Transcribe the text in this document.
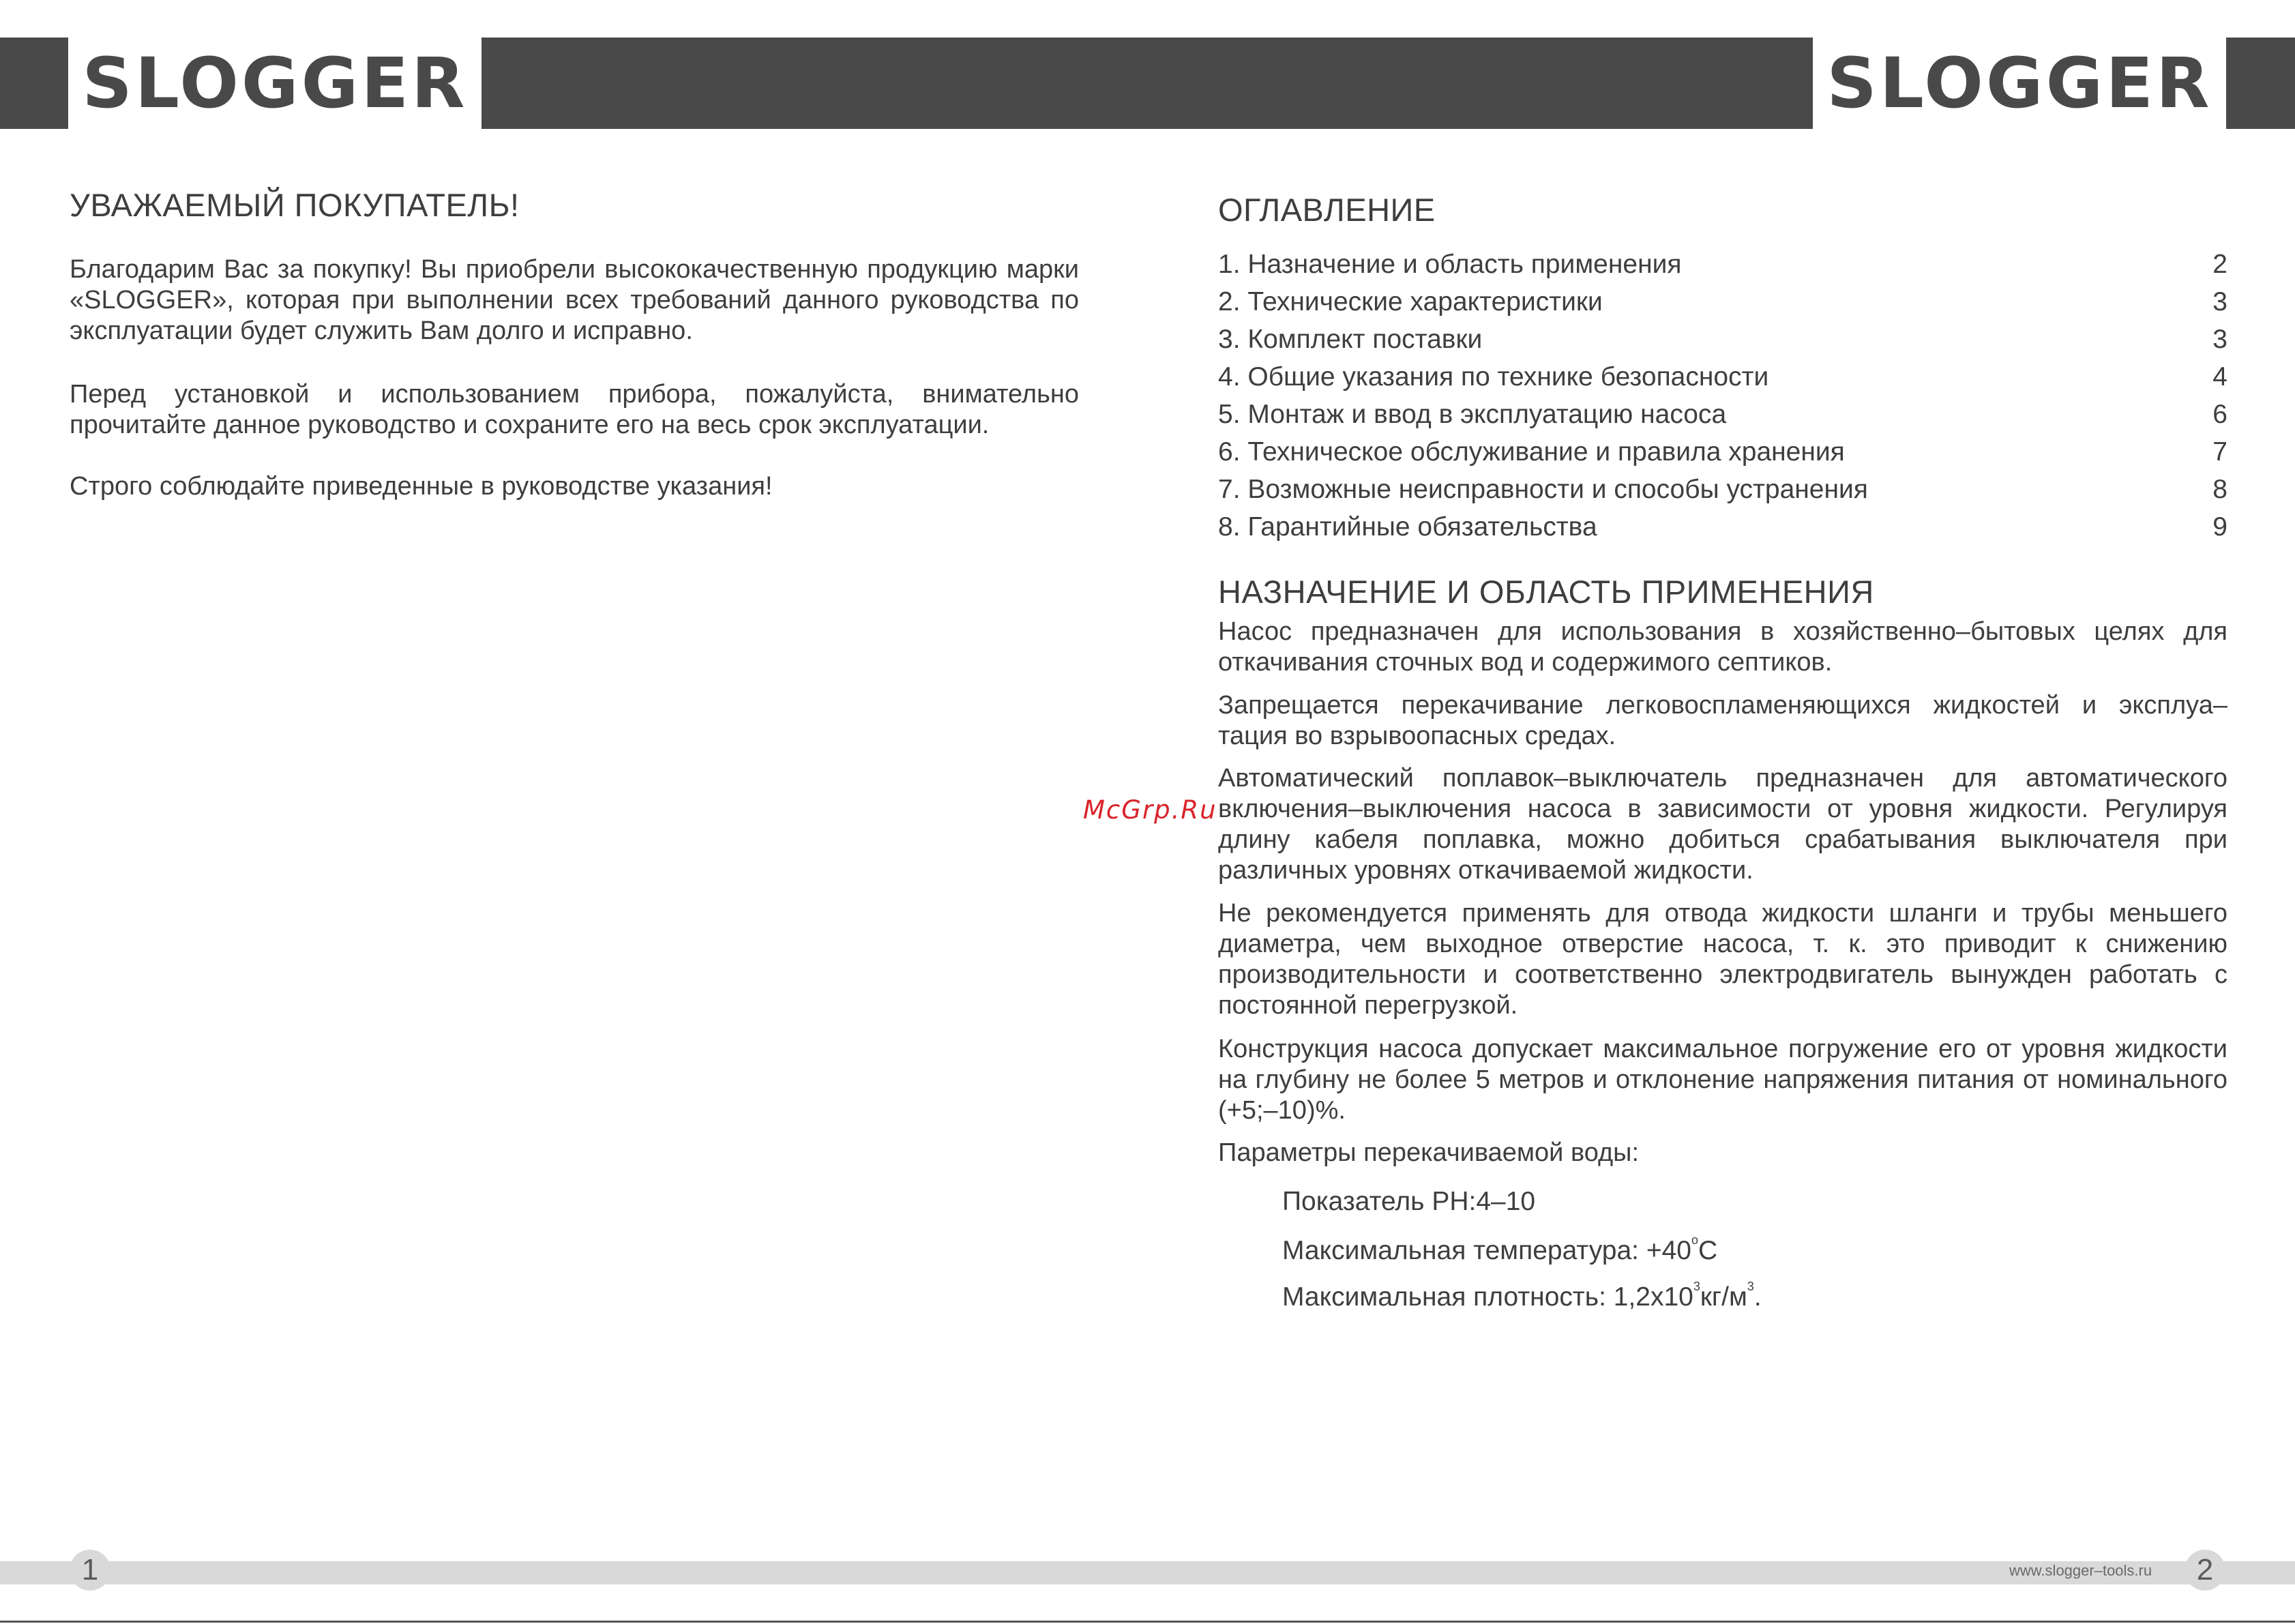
SLOGGER	SLOGGER
УВАЖАЕМЫЙ ПОКУПАТЕЛЬ!

Благодарим Вас за покупку! Вы приобрели высококачественную продукцию марки «SLOGGER», которая при выполнении всех требований данного руководства по эксплуатации будет служить Вам долго и исправно.

Перед установкой и использованием прибора, пожалуйста, внимательно прочитайте данное руководство и сохраните его на весь срок эксплуатации.

Строго соблюдайте приведенные в руководстве указания!

ОГЛАВЛЕНИЕ
1. Назначение и область применения	2
2. Технические характеристики	3
3. Комплект поставки	3
4. Общие указания по технике безопасности	4
5. Монтаж и ввод в эксплуатацию насоса	6
6. Техническое обслуживание и правила хранения	7
7. Возможные неисправности и способы устранения	8
8. Гарантийные обязательства	9
НАЗНАЧЕНИЕ И ОБЛАСТЬ ПРИМЕНЕНИЯ

Насос предназначен для использования в хозяйственно–бытовых целях для откачивания сточных вод и содержимого септиков.

Запрещается перекачивание легковоспламеняющихся жидкостей и эксплуа– тация во взрывоопасных средах.

Автоматический поплавок–выключатель предназначен для автоматического включения–выключения насоса в зависимости от уровня жидкости. Регулируя длину кабеля поплавка, можно добиться срабатывания выключателя при различных уровнях откачиваемой жидкости.

Не рекомендуется применять для отвода жидкости шланги и трубы меньшего диаметра, чем выходное отверстие насоса, т. к. это приводит к снижению производительности и соответственно электродвигатель вынужден работать с постоянной перегрузкой.

Конструкция насоса допускает максимальное погружение его от уровня жидкости на глубину не более 5 метров и отклонение напряжения питания от номинального (+5;–10)%.

Параметры перекачиваемой воды:

Показатель PH:4–10

Максимальная температура: $+40^оC$

Максимальная плотность: $1,2х10^3кг/м^3$.

McGrp.Ru
1	www.slogger–tools.ru	2
